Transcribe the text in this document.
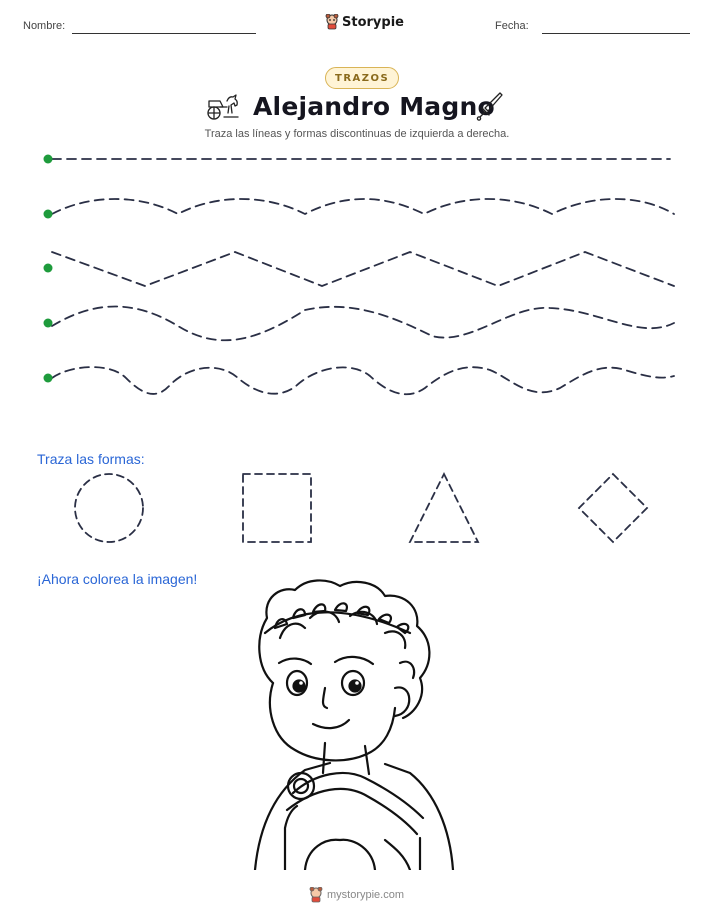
Nombre:	Storypie	Fecha:
TRAZOS
Alejandro Magno
Traza las líneas y formas discontinuas de izquierda a derecha.
Traza las formas:
¡Ahora colorea la imagen!
mystorypie.com
